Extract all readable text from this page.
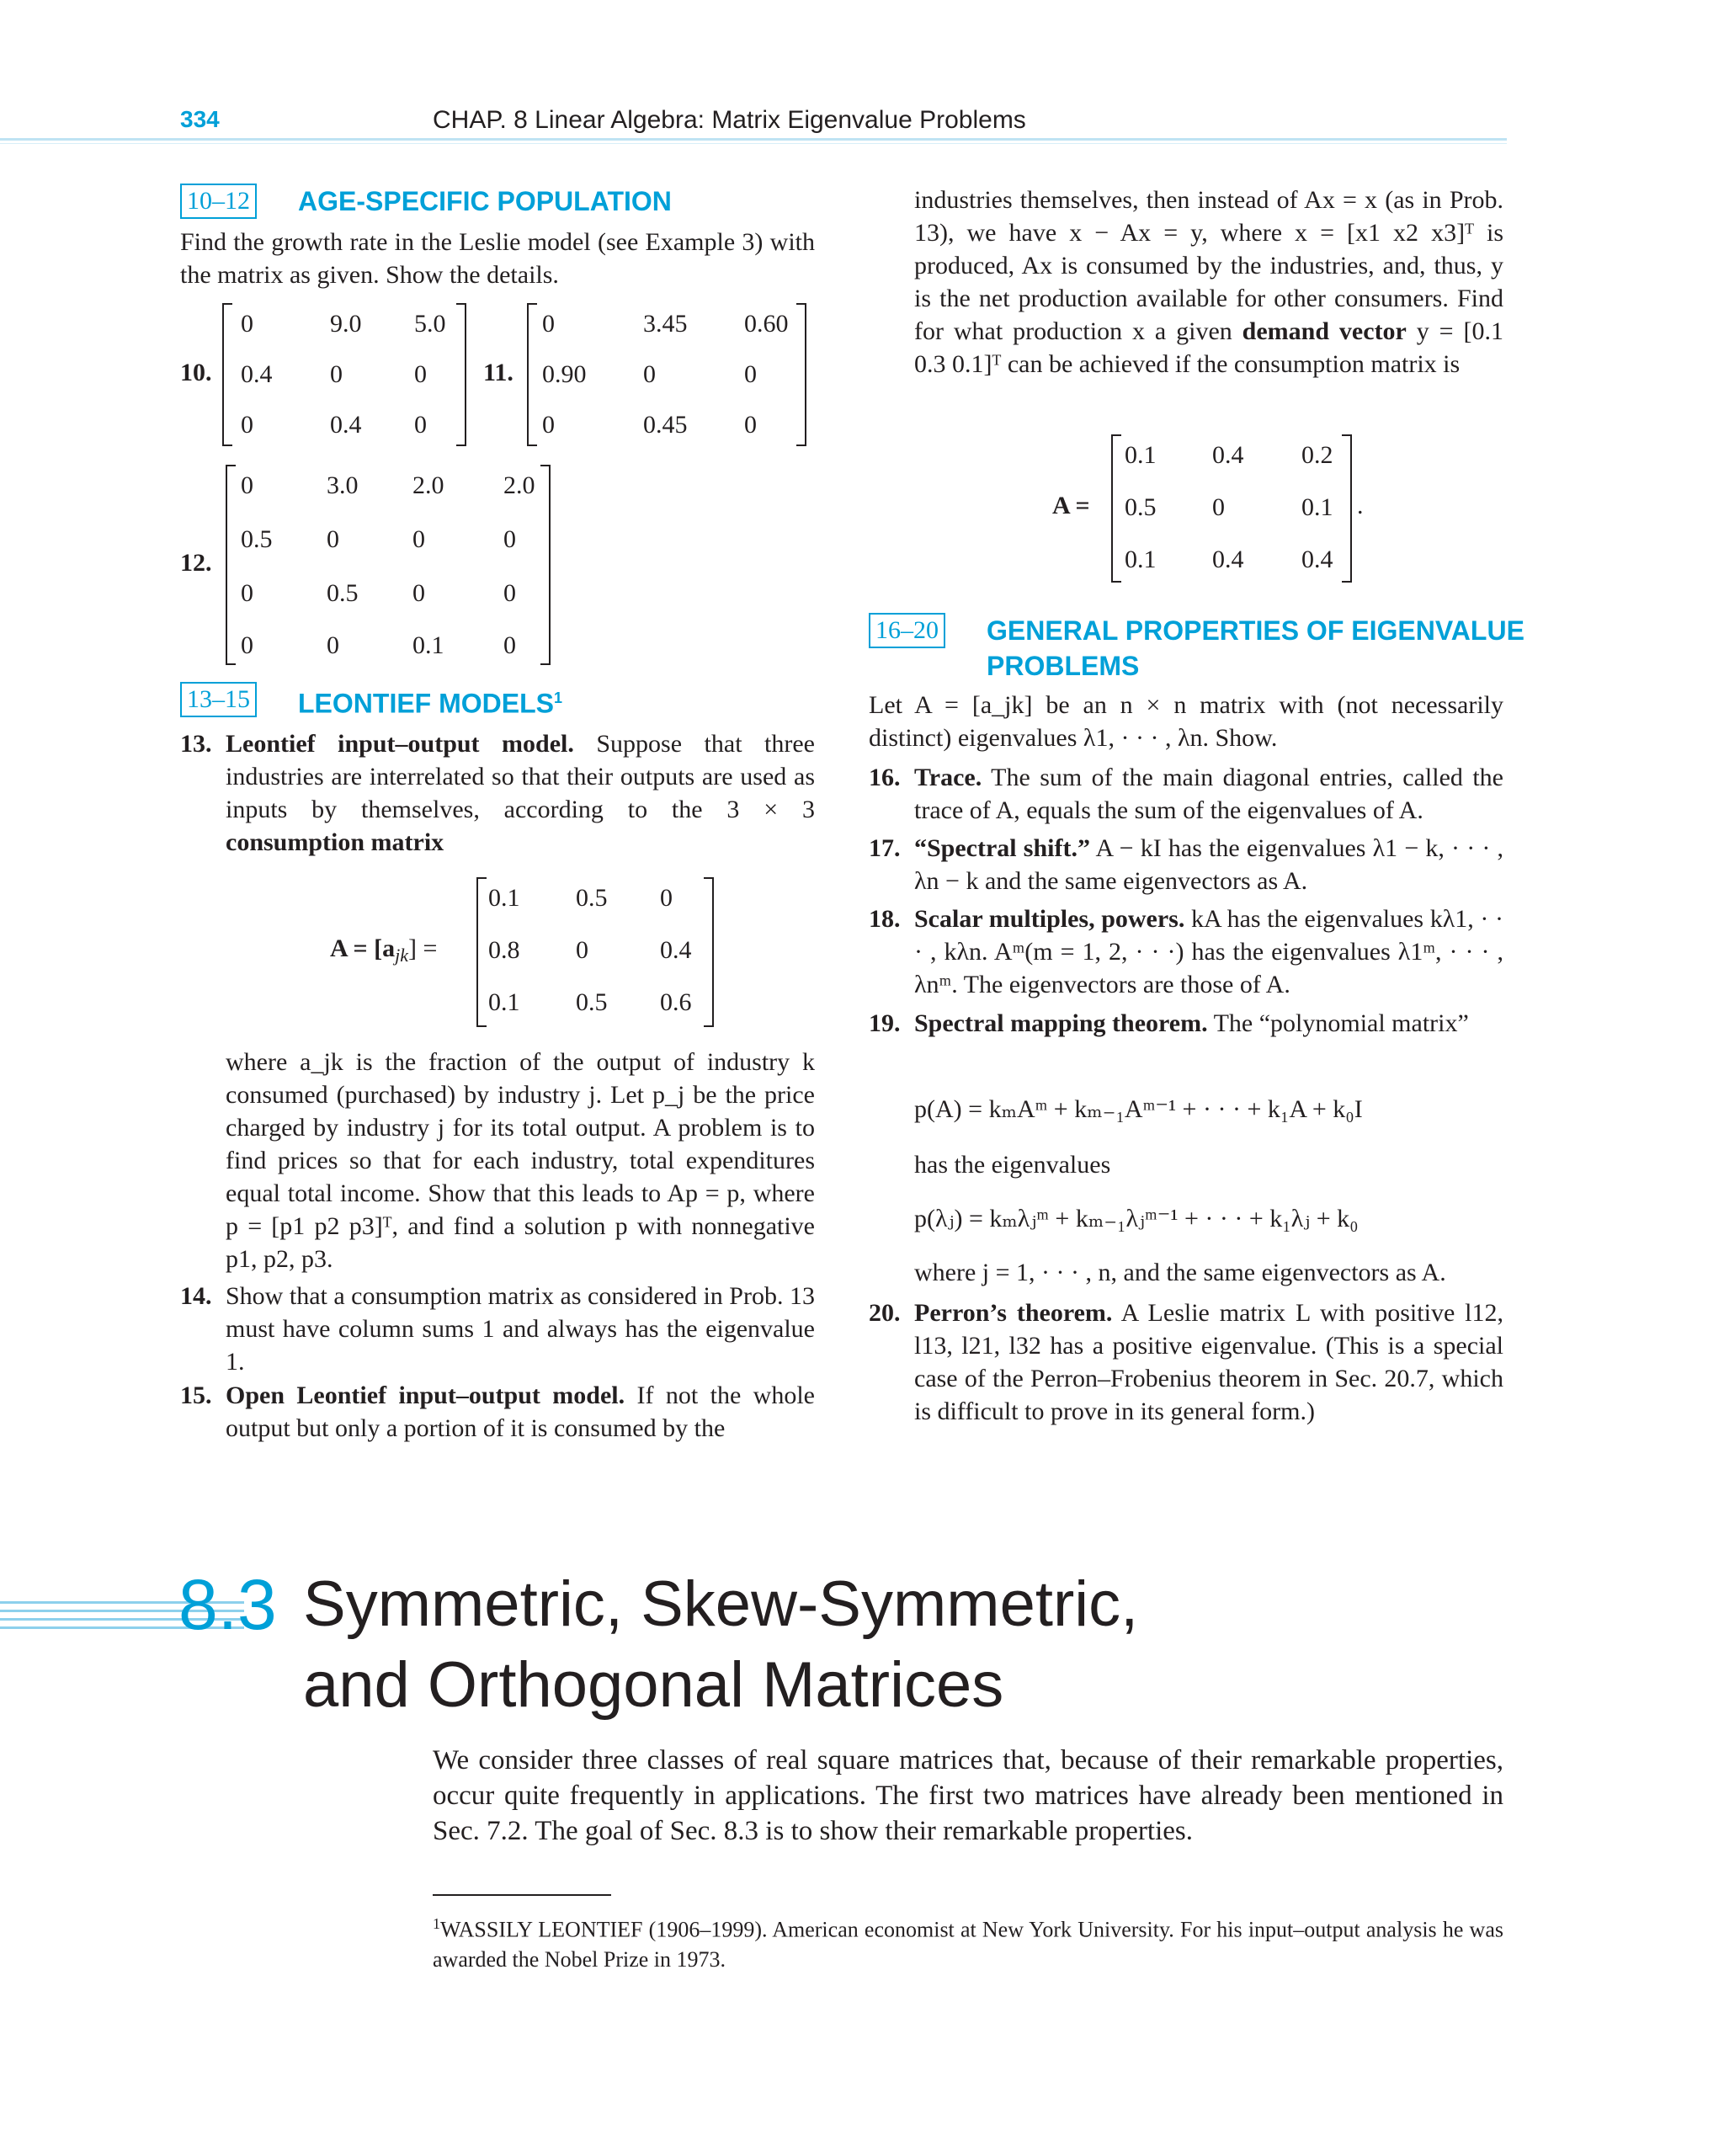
334	CHAP. 8 Linear Algebra: Matrix Eigenvalue Problems
10–12 AGE-SPECIFIC POPULATION
Find the growth rate in the Leslie model (see Example 3) with the matrix as given. Show the details.
10.
0	9.0 5.0
0.4 0	0
0	0.4 0
11.
0	3.45 0.60
0.90 0	0
0	0.45 0
12.
0	3.0 2.0 2.0
0.5 0	0	0
0	0.5 0	0
0	0	0.1 0
13–15 LEONTIEF MODELS$^1$
13. Leontief input–output model. Suppose that three industries are interrelated so that their outputs are used as inputs by themselves, according to the 3 × 3 consumption matrix
$A = [a_{jk}]$ =
0.1 0.5 0
0.8 0	0.4
0.1 0.5 0.6
where a_jk is the fraction of the output of industry k consumed (purchased) by industry j. Let p_j be the price charged by industry j for its total output. A problem is to find prices so that for each industry, total expenditures equal total income. Show that this leads to Ap = p, where p = [p1 p2 p3]ᵀ, and find a solution p with nonnegative p1, p2, p3.
14. Show that a consumption matrix as considered in Prob. 13 must have column sums 1 and always has the eigenvalue 1.
15. Open Leontief input–output model. If not the whole output but only a portion of it is consumed by the
industries themselves, then instead of Ax = x (as in Prob. 13), we have x − Ax = y, where x = [x1 x2 x3]ᵀ is produced, Ax is consumed by the industries, and, thus, y is the net production available for other consumers. Find for what production x a given demand vector y = [0.1 0.3 0.1]ᵀ can be achieved if the consumption matrix is
A =
0.1 0.4 0.2
0.5 0	0.1
0.1 0.4 0.4
.
16–20 GENERAL PROPERTIES OF EIGENVALUE
PROBLEMS
Let A = [a_jk] be an n × n matrix with (not necessarily distinct) eigenvalues λ1, · · · , λn. Show.
16. Trace. The sum of the main diagonal entries, called the trace of A, equals the sum of the eigenvalues of A.
17. “Spectral shift.” A − kI has the eigenvalues λ1 − k, · · · , λn − k and the same eigenvectors as A.
18. Scalar multiples, powers. kA has the eigenvalues kλ1, · · · , kλn. Aᵐ(m = 1, 2, · · ·) has the eigenvalues λ1ᵐ, · · · , λnᵐ. The eigenvectors are those of A.
19. Spectral mapping theorem. The “polynomial matrix”
p(A) = kₘAᵐ + kₘ₋₁Aᵐ⁻¹ + · · · + k₁A + k₀I
has the eigenvalues
p(λⱼ) = kₘλⱼᵐ + kₘ₋₁λⱼᵐ⁻¹ + · · · + k₁λⱼ + k₀
where j = 1, · · · , n, and the same eigenvectors as A.
20. Perron’s theorem. A Leslie matrix L with positive l12, l13, l21, l32 has a positive eigenvalue. (This is a special case of the Perron–Frobenius theorem in Sec. 20.7, which is difficult to prove in its general form.)
8.3 Symmetric, Skew-Symmetric,
and Orthogonal Matrices
We consider three classes of real square matrices that, because of their remarkable properties, occur quite frequently in applications. The first two matrices have already been mentioned in Sec. 7.2. The goal of Sec. 8.3 is to show their remarkable properties.
$^1$WASSILY LEONTIEF (1906–1999). American economist at New York University. For his input–output analysis he was awarded the Nobel Prize in 1973.
